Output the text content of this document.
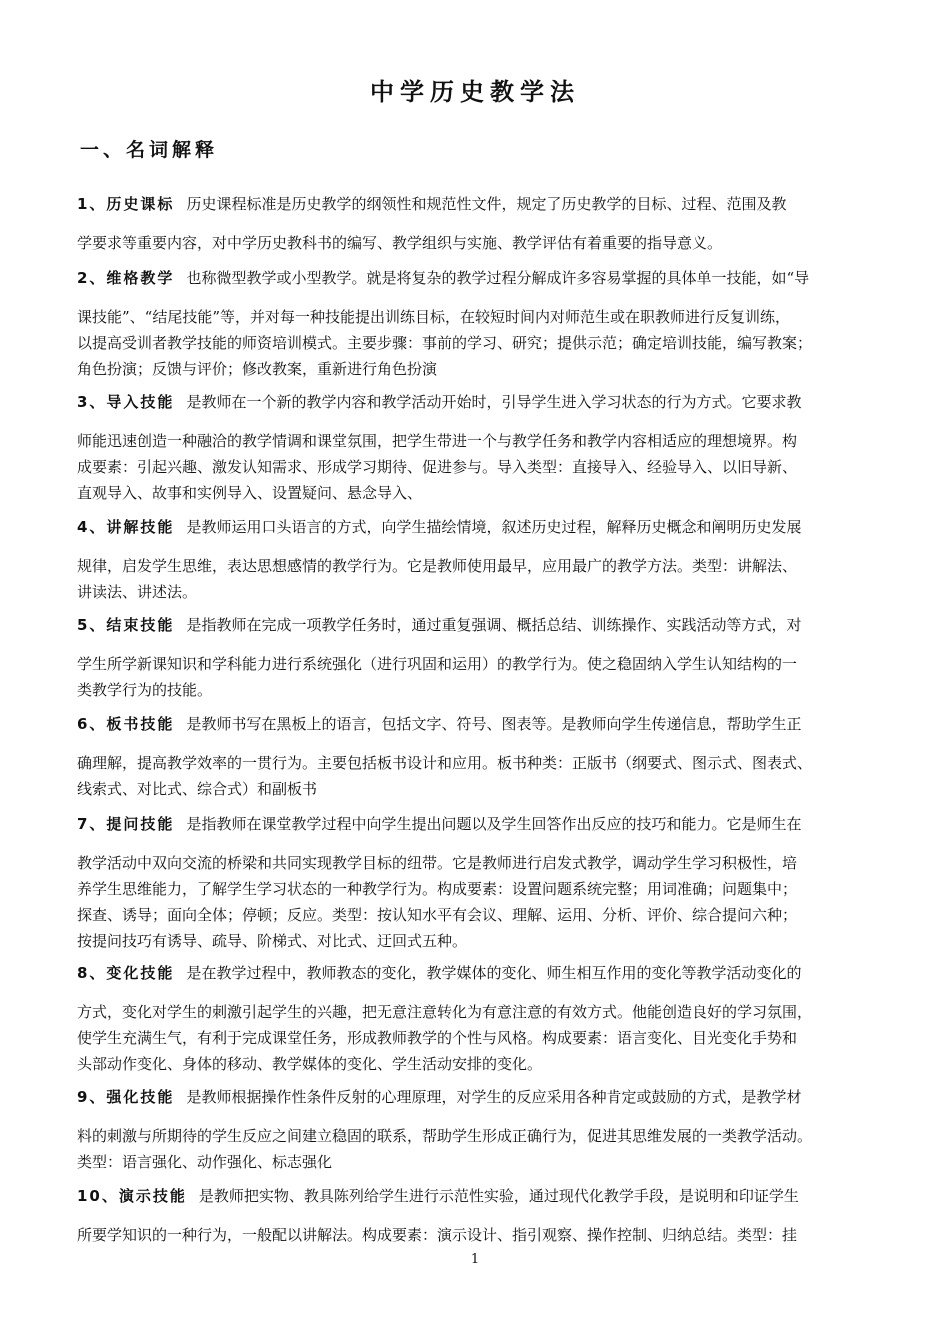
中学历史教学法
一、名词解释
1、历史课标 历史课程标准是历史教学的纲领性和规范性文件，规定了历史教学的目标、过程、范围及教
学要求等重要内容，对中学历史教科书的编写、教学组织与实施、教学评估有着重要的指导意义。
2、维格教学 也称微型教学或小型教学。就是将复杂的教学过程分解成许多容易掌握的具体单一技能，如“导
课技能”、“结尾技能”等，并对每一种技能提出训练目标，在较短时间内对师范生或在职教师进行反复训练，
以提高受训者教学技能的师资培训模式。主要步骤：事前的学习、研究；提供示范；确定培训技能，编写教案；
角色扮演；反馈与评价；修改教案，重新进行角色扮演
3、导入技能 是教师在一个新的教学内容和教学活动开始时，引导学生进入学习状态的行为方式。它要求教
师能迅速创造一种融洽的教学情调和课堂氛围，把学生带进一个与教学任务和教学内容相适应的理想境界。构
成要素：引起兴趣、激发认知需求、形成学习期待、促进参与。导入类型：直接导入、经验导入、以旧导新、
直观导入、故事和实例导入、设置疑问、悬念导入、
4、讲解技能 是教师运用口头语言的方式，向学生描绘情境，叙述历史过程，解释历史概念和阐明历史发展
规律，启发学生思维，表达思想感情的教学行为。它是教师使用最早，应用最广的教学方法。类型：讲解法、
讲读法、讲述法。
5、结束技能 是指教师在完成一项教学任务时，通过重复强调、概括总结、训练操作、实践活动等方式，对
学生所学新课知识和学科能力进行系统强化（进行巩固和运用）的教学行为。使之稳固纳入学生认知结构的一
类教学行为的技能。
6、板书技能 是教师书写在黑板上的语言，包括文字、符号、图表等。是教师向学生传递信息，帮助学生正
确理解，提高教学效率的一贯行为。主要包括板书设计和应用。板书种类：正版书（纲要式、图示式、图表式、
线索式、对比式、综合式）和副板书
7、提问技能 是指教师在课堂教学过程中向学生提出问题以及学生回答作出反应的技巧和能力。它是师生在
教学活动中双向交流的桥梁和共同实现教学目标的纽带。它是教师进行启发式教学，调动学生学习积极性，培
养学生思维能力，了解学生学习状态的一种教学行为。构成要素：设置问题系统完整；用词准确；问题集中；
探查、诱导；面向全体；停顿；反应。类型：按认知水平有会议、理解、运用、分析、评价、综合提问六种；
按提问技巧有诱导、疏导、阶梯式、对比式、迂回式五种。
8、变化技能 是在教学过程中，教师教态的变化，教学媒体的变化、师生相互作用的变化等教学活动变化的
方式，变化对学生的刺激引起学生的兴趣，把无意注意转化为有意注意的有效方式。他能创造良好的学习氛围，
使学生充满生气，有利于完成课堂任务，形成教师教学的个性与风格。构成要素：语言变化、目光变化手势和
头部动作变化、身体的移动、教学媒体的变化、学生活动安排的变化。
9、强化技能 是教师根据操作性条件反射的心理原理，对学生的反应采用各种肯定或鼓励的方式，是教学材
料的刺激与所期待的学生反应之间建立稳固的联系，帮助学生形成正确行为，促进其思维发展的一类教学活动。
类型：语言强化、动作强化、标志强化
10、演示技能 是教师把实物、教具陈列给学生进行示范性实验，通过现代化教学手段，是说明和印证学生
所要学知识的一种行为，一般配以讲解法。构成要素：演示设计、指引观察、操作控制、归纳总结。类型：挂
1
